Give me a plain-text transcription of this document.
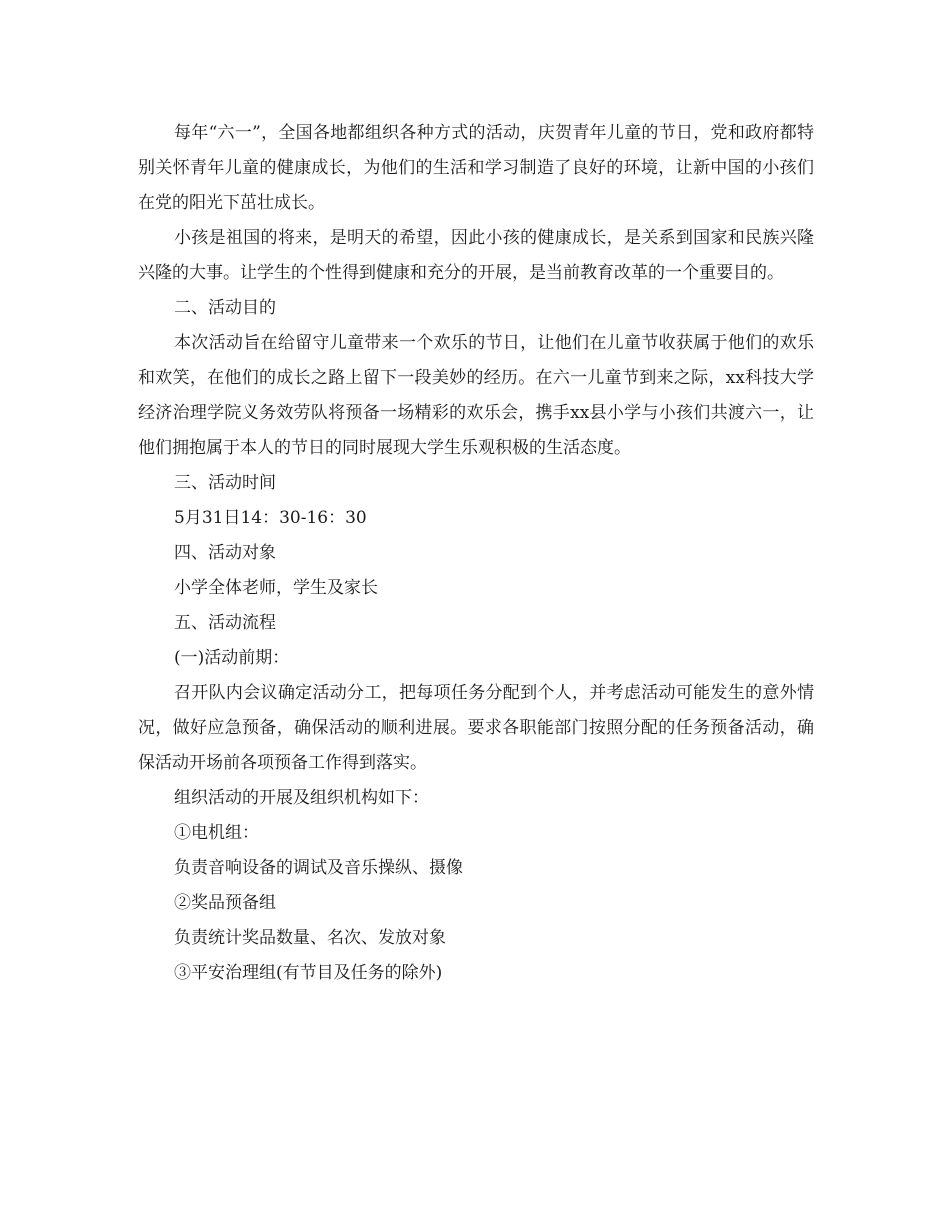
每年“六一”，全国各地都组织各种方式的活动，庆贺青年儿童的节日，党和政府都特别关怀青年儿童的健康成长，为他们的生活和学习制造了良好的环境，让新中国的小孩们在党的阳光下茁壮成长。

小孩是祖国的将来，是明天的希望，因此小孩的健康成长，是关系到国家和民族兴隆兴隆的大事。让学生的个性得到健康和充分的开展，是当前教育改革的一个重要目的。

二、活动目的

本次活动旨在给留守儿童带来一个欢乐的节日，让他们在儿童节收获属于他们的欢乐和欢笑，在他们的成长之路上留下一段美妙的经历。在六一儿童节到来之际，xx科技大学经济治理学院义务效劳队将预备一场精彩的欢乐会，携手xx县小学与小孩们共渡六一，让他们拥抱属于本人的节日的同时展现大学生乐观积极的生活态度。

三、活动时间

5月31日14：30-16：30

四、活动对象

小学全体老师，学生及家长

五、活动流程

(一)活动前期：

召开队内会议确定活动分工，把每项任务分配到个人，并考虑活动可能发生的意外情况，做好应急预备，确保活动的顺利进展。要求各职能部门按照分配的任务预备活动，确保活动开场前各项预备工作得到落实。

组织活动的开展及组织机构如下：

①电机组：

负责音响设备的调试及音乐操纵、摄像

②奖品预备组

负责统计奖品数量、名次、发放对象

③平安治理组(有节目及任务的除外)
